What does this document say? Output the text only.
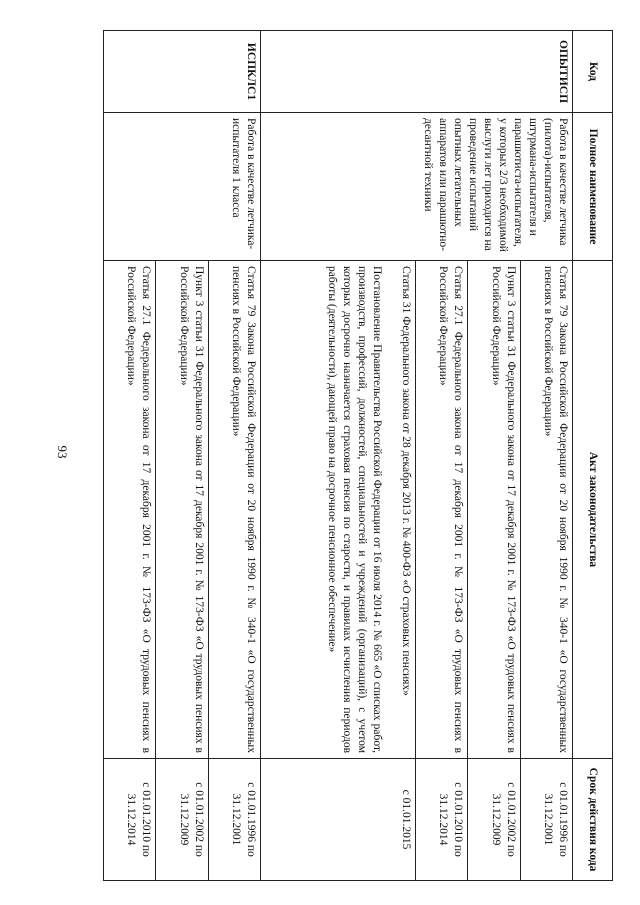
93
Код	Полное наименование	Акт законодательства	Срок действия кода
ОПЫТИСП	Работа в качестве летчика (пилота)-испытателя, штурмана-испытателя и парашютиста-испытателя, у которых 2/3 необходимой выслуги лет приходится на проведение испытаний опытных летательных аппаратов или парашютно-десантной техники	Статья 79 Закона Российской Федерации от 20 ноября 1990 г. № 340-1 «О государственных пенсиях в Российской Федерации»	с 01.01.1996 по 31.12.2001

		Пункт 3 статьи 31 Федерального закона от 17 декабря 2001 г. № 173-ФЗ «О трудовых пенсиях в Российской Федерации»	с 01.01.2002 по 31.12.2009

		Статья 27.1 Федерального закона от 17 декабря 2001 г. № 173-ФЗ «О трудовых пенсиях в Российской Федерации»	с 01.01.2010 по 31.12.2014

		Статья 31 Федерального закона от 28 декабря 2013 г. № 400-ФЗ «О страховых пенсиях»
Постановление Правительства Российской Федерации от 16 июля 2014 г. № 665 «О списках работ, производств, профессий, должностей, специальностей и учреждений (организаций), с учетом которых досрочно назначается страховая пенсия по старости, и правилах исчисления периодов работы (деятельности), дающей право на досрочное пенсионное обеспечение»	с 01.01.2015
ИСПКЛС1	Работа в качестве летчика-испытателя 1 класса	Статья 79 Закона Российской Федерации от 20 ноября 1990 г. № 340-1 «О государственных пенсиях в Российской Федерации»	с 01.01.1996 по 31.12.2001

		Пункт 3 статьи 31 Федерального закона от 17 декабря 2001 г. № 173-ФЗ «О трудовых пенсиях в Российской Федерации»	с 01.01.2002 по 31.12.2009

		Статья 27.1 Федерального закона от 17 декабря 2001 г. № 173-ФЗ «О трудовых пенсиях в Российской Федерации»	с 01.01.2010 по 31.12.2014
